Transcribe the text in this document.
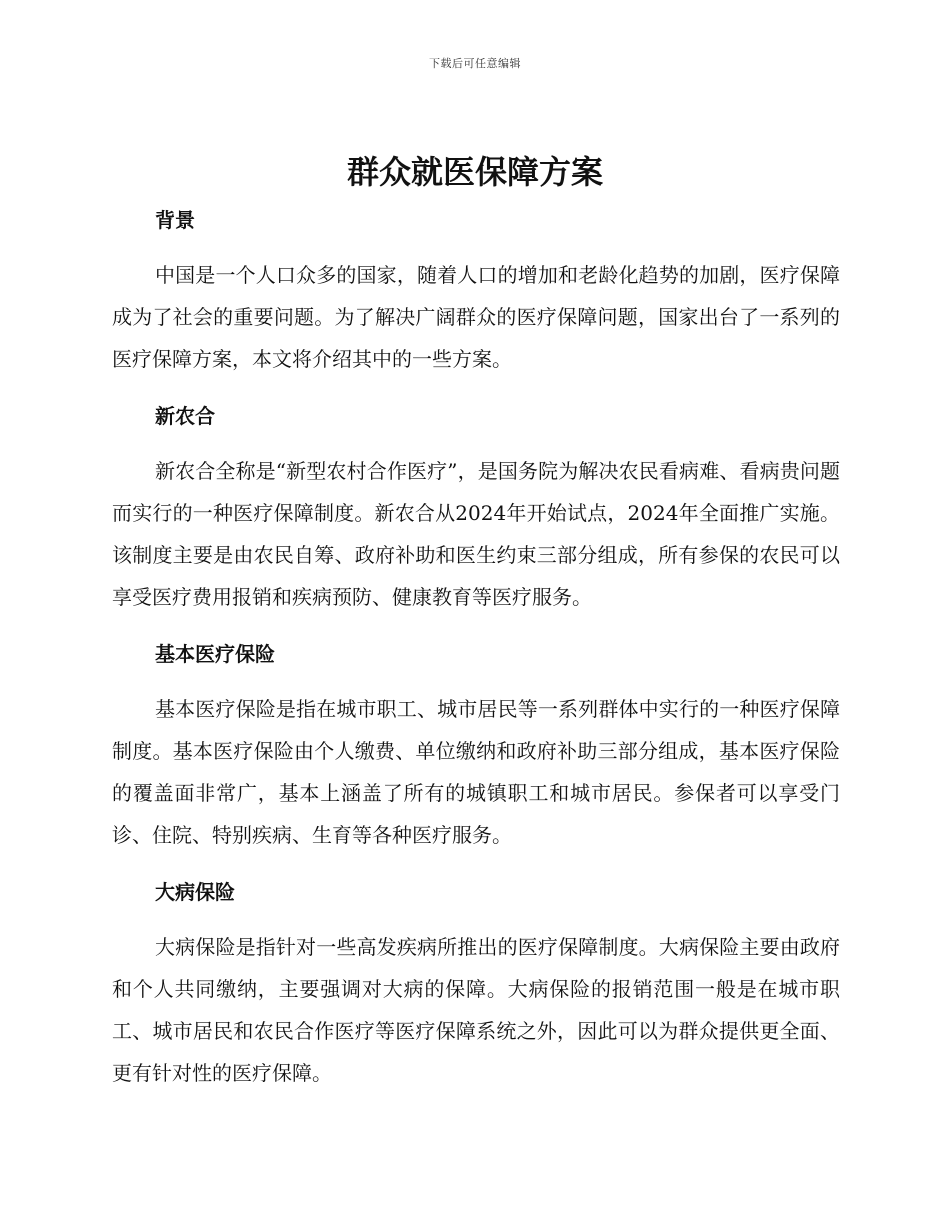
下载后可任意编辑
群众就医保障方案
背景

中国是一个人口众多的国家，随着人口的增加和老龄化趋势的加剧，医疗保障成为了社会的重要问题。为了解决广阔群众的医疗保障问题，国家出台了一系列的医疗保障方案，本文将介绍其中的一些方案。

新农合

新农合全称是“新型农村合作医疗”，是国务院为解决农民看病难、看病贵问题而实行的一种医疗保障制度。新农合从2024年开始试点，2024年全面推广实施。该制度主要是由农民自筹、政府补助和医生约束三部分组成，所有参保的农民可以享受医疗费用报销和疾病预防、健康教育等医疗服务。

基本医疗保险

基本医疗保险是指在城市职工、城市居民等一系列群体中实行的一种医疗保障制度。基本医疗保险由个人缴费、单位缴纳和政府补助三部分组成，基本医疗保险的覆盖面非常广，基本上涵盖了所有的城镇职工和城市居民。参保者可以享受门诊、住院、特别疾病、生育等各种医疗服务。

大病保险

大病保险是指针对一些高发疾病所推出的医疗保障制度。大病保险主要由政府和个人共同缴纳，主要强调对大病的保障。大病保险的报销范围一般是在城市职工、城市居民和农民合作医疗等医疗保障系统之外，因此可以为群众提供更全面、更有针对性的医疗保障。
